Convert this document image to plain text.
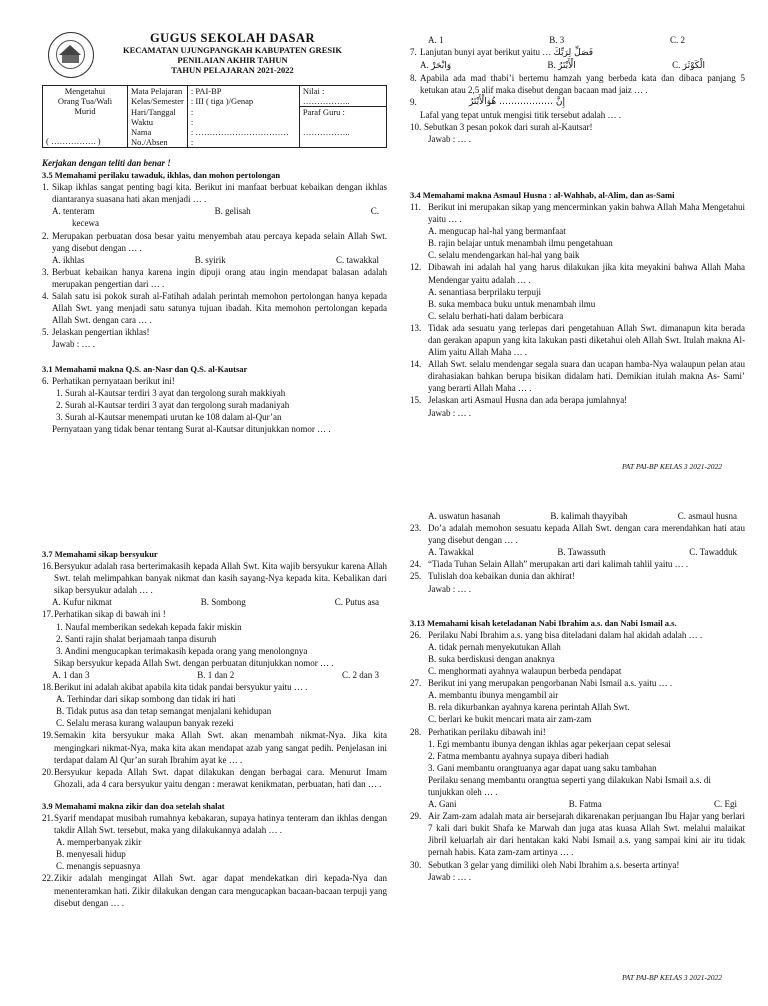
GUGUS SEKOLAH DASAR
KECAMATAN UJUNGPANGKAH KABUPATEN GRESIK
PENILAIAN AKHIR TAHUN
TAHUN PELAJARAN 2021-2022
Mengetahui
Orang Tua/Wali
Murid
( ……………. )	Mata Pelajaran	: PAI-BP	Nilai :
	Kelas/Semester	: III ( tiga )/Genap	……………..
	Hari/Tanggal	:	Paraf Guru :
	Waktu	:	
	Nama	: ……………………………	……………..
	No./Absen	:	
Kerjakan dengan teliti dan benar !
3.5 Memahami perilaku tawaduk, ikhlas, dan mohon pertolongan
1. Sikap ikhlas sangat penting bagi kita. Berikut ini manfaat berbuat kebaikan dengan ikhlas diantaranya suasana hati akan menjadi … .
A. tenteram	B. gelisah	C.
kecewa
2. Merupakan perbuatan dosa besar yaitu menyembah atau percaya kepada selain Allah Swt. yang disebut dengan … .
A. ikhlas	B. syirik	C. tawakkal
3. Berbuat kebaikan hanya karena ingin dipuji orang atau ingin mendapat balasan adalah merupakan pengertian dari … .
4. Salah satu isi pokok surah al-Fatihah adalah perintah memohon pertolongan hanya kepada Allah Swt. yang menjadi satu satunya tujuan ibadah. Kita memohon pertolongan kepada Allah Swt. dengan cara … .
5. Jelaskan pengertian ikhlas!
Jawab : … .
3.1 Memahami makna Q.S. an-Nasr dan Q.S. al-Kautsar
6. Perhatikan pernyataan berikut ini!
1. Surah al-Kautsar terdiri 3 ayat dan tergolong surah makkiyah
2. Surah al-Kautsar terdiri 3 ayat dan tergolong surah madaniyah
3. Surah al-Kautsar menempati urutan ke 108 dalam al-Qur’an
Pernyataan yang tidak benar tentang Surat al-Kautsar ditunjukkan nomor … .
A. 1	B. 3	C. 2
7. Lanjutan bunyi ayat berikut yaitu … فَصَلِّ لِرَبِّكَ
A. وَانْحَرْ	B. الْأَبْتَرُ	C. الْكَوْثَرَ
8. Apabila ada mad thabi’i bertemu hamzah yang berbeda kata dan dibaca panjang 5 ketukan atau 2,5 alif maka disebut dengan bacaan mad jaiz … .
9.	إِنَّ ……………… هُوَالْأَبْتَرُ
Lafal yang tepat untuk mengisi titik tersebut adalah … .
10. Sebutkan 3 pesan pokok dari surah al-Kautsar!
Jawab : … .
3.4 Memahami makna Asmaul Husna : al-Wahhab, al-Alim, dan as-Sami
11. Berikut ini merupakan sikap yang mencerminkan yakin bahwa Allah Maha Mengetahui yaitu … .
A. mengucap hal-hal yang bermanfaat
B. rajin belajar untuk menambah ilmu pengetahuan
C. selalu mendengarkan hal-hal yang baik
12. Dibawah ini adalah hal yang harus dilakukan jika kita meyakini bahwa Allah Maha Mendengar yaitu adalah … .
A. senantiasa berprilaku terpuji
B. suka membaca buku untuk menambah ilmu
C. selalu berhati-hati dalam berbicara
13. Tidak ada sesuatu yang terlepas dari pengetahuan Allah Swt. dimanapun kita berada dan gerakan apapun yang kita lakukan pasti diketahui oleh Allah Swt. Itulah makna Al-Alim yaitu Allah Maha … .
14. Allah Swt. selalu mendengar segala suara dan ucapan hamba-Nya walaupun pelan atau dirahasiakan bahkan berupa bisikan didalam hati. Demikian itulah makna As- Sami’ yang berarti Allah Maha … .
15. Jelaskan arti Asmaul Husna dan ada berapa jumlahnya!
Jawab : … .
PAT PAI-BP KELAS 3 2021-2022
3.7 Memahami sikap bersyukur
16. Bersyukur adalah rasa berterimakasih kepada Allah Swt. Kita wajib bersyukur karena Allah Swt. telah melimpahkan banyak nikmat dan kasih sayang-Nya kepada kita. Kebalikan dari sikap bersyukur adalah … .
A. Kufur nikmat	B. Sombong	C. Putus asa
17. Perhatikan sikap di bawah ini !
1. Naufal memberikan sedekah kepada fakir miskin
2. Santi rajin shalat berjamaah tanpa disuruh
3. Andini mengucapkan terimakasih kepada orang yang menolongnya
Sikap bersyukur kepada Allah Swt. dengan perbuatan ditunjukkan nomor … .
A. 1 dan 3	B. 1 dan 2	C. 2 dan 3
18. Berikut ini adalah akibat apabila kita tidak pandai bersyukur yaitu … .
A. Terhindar dari sikap sombong dan tidak iri hati
B. Tidak putus asa dan tetap semangat menjalani kehidupan
C. Selalu merasa kurang walaupun banyak rezeki
19. Semakin kita bersyukur maka Allah Swt. akan menambah nikmat-Nya. Jika kita mengingkari nikmat-Nya, maka kita akan mendapat azab yang sangat pedih. Penjelasan ini terdapat dalam Al Qur’an surah Ibrahim ayat ke … .
20. Bersyukur kepada Allah Swt. dapat dilakukan dengan berbagai cara. Menurut Imam Ghozali, ada 4 cara bersyukur yaitu dengan : merawat kenikmatan, perbuatan, hati dan … .
3.9 Memahami makna zikir dan doa setelah shalat
21. Syarif mendapat musibah rumahnya kebakaran, supaya hatinya tenteram dan ikhlas dengan takdir Allah Swt. tersebut, maka yang dilakukannya adalah … .
A. memperbanyak zikir
B. menyesali hidup
C. menangis sepuasnya
22. Zikir adalah mengingat Allah Swt. agar dapat mendekatkan diri kepada-Nya dan menenteramkan hati. Zikir dilakukan dengan cara mengucapkan bacaan-bacaan terpuji yang disebut dengan … .
A. uswatun hasanah	B. kalimah thayyibah	C. asmaul husna
23. Do’a adalah memohon sesuatu kepada Allah Swt. dengan cara merendahkan hati atau yang disebut dengan … .
A. Tawakkal	B. Tawassuth	C. Tawadduk
24. “Tiada Tuhan Selain Allah” merupakan arti dari kalimah tahlil yaitu … .
25. Tulislah doa kebaikan dunia dan akhirat!
Jawab : … .
3.13 Memahami kisah keteladanan Nabi Ibrahim a.s. dan Nabi Ismail a.s.
26. Perilaku Nabi Ibrahim a.s. yang bisa diteladani dalam hal akidah adalah … .
A. tidak pernah menyekutukan Allah
B. suka berdiskusi dengan anaknya
C. menghormati ayahnya walaupun berbeda pendapat
27. Berikut ini yang merupakan pengorbanan Nabi Ismail a.s. yaitu … .
A. membantu ibunya mengambil air
B. rela dikurbankan ayahnya karena perintah Allah Swt.
C. berlari ke bukit mencari mata air zam-zam
28. Perhatikan perilaku dibawah ini!
1. Egi membantu ibunya dengan ikhlas agar pekerjaan cepat selesai
2. Fatma membantu ayahnya supaya diberi hadiah
3. Gani membantu orangtuanya agar dapat uang saku tambahan
Perilaku senang membantu orangtua seperti yang dilakukan Nabi Ismail a.s. di tunjukkan oleh … .
A. Gani	B. Fatma	C. Egi
29. Air Zam-zam adalah mata air bersejarah dikarenakan perjuangan Ibu Hajar yang berlari 7 kali dari bukit Shafa ke Marwah dan juga atas kuasa Allah Swt. melalui malaikat Jibril keluarlah air dari hentakan kaki Nabi Ismail a.s. yang sampai kini air itu tidak pernah habis. Kata zam-zam artinya … .
30. Sebutkan 3 gelar yang dimiliki oleh Nabi Ibrahim a.s. beserta artinya!
Jawab : … .
PAT PAI-BP KELAS 3 2021-2022
